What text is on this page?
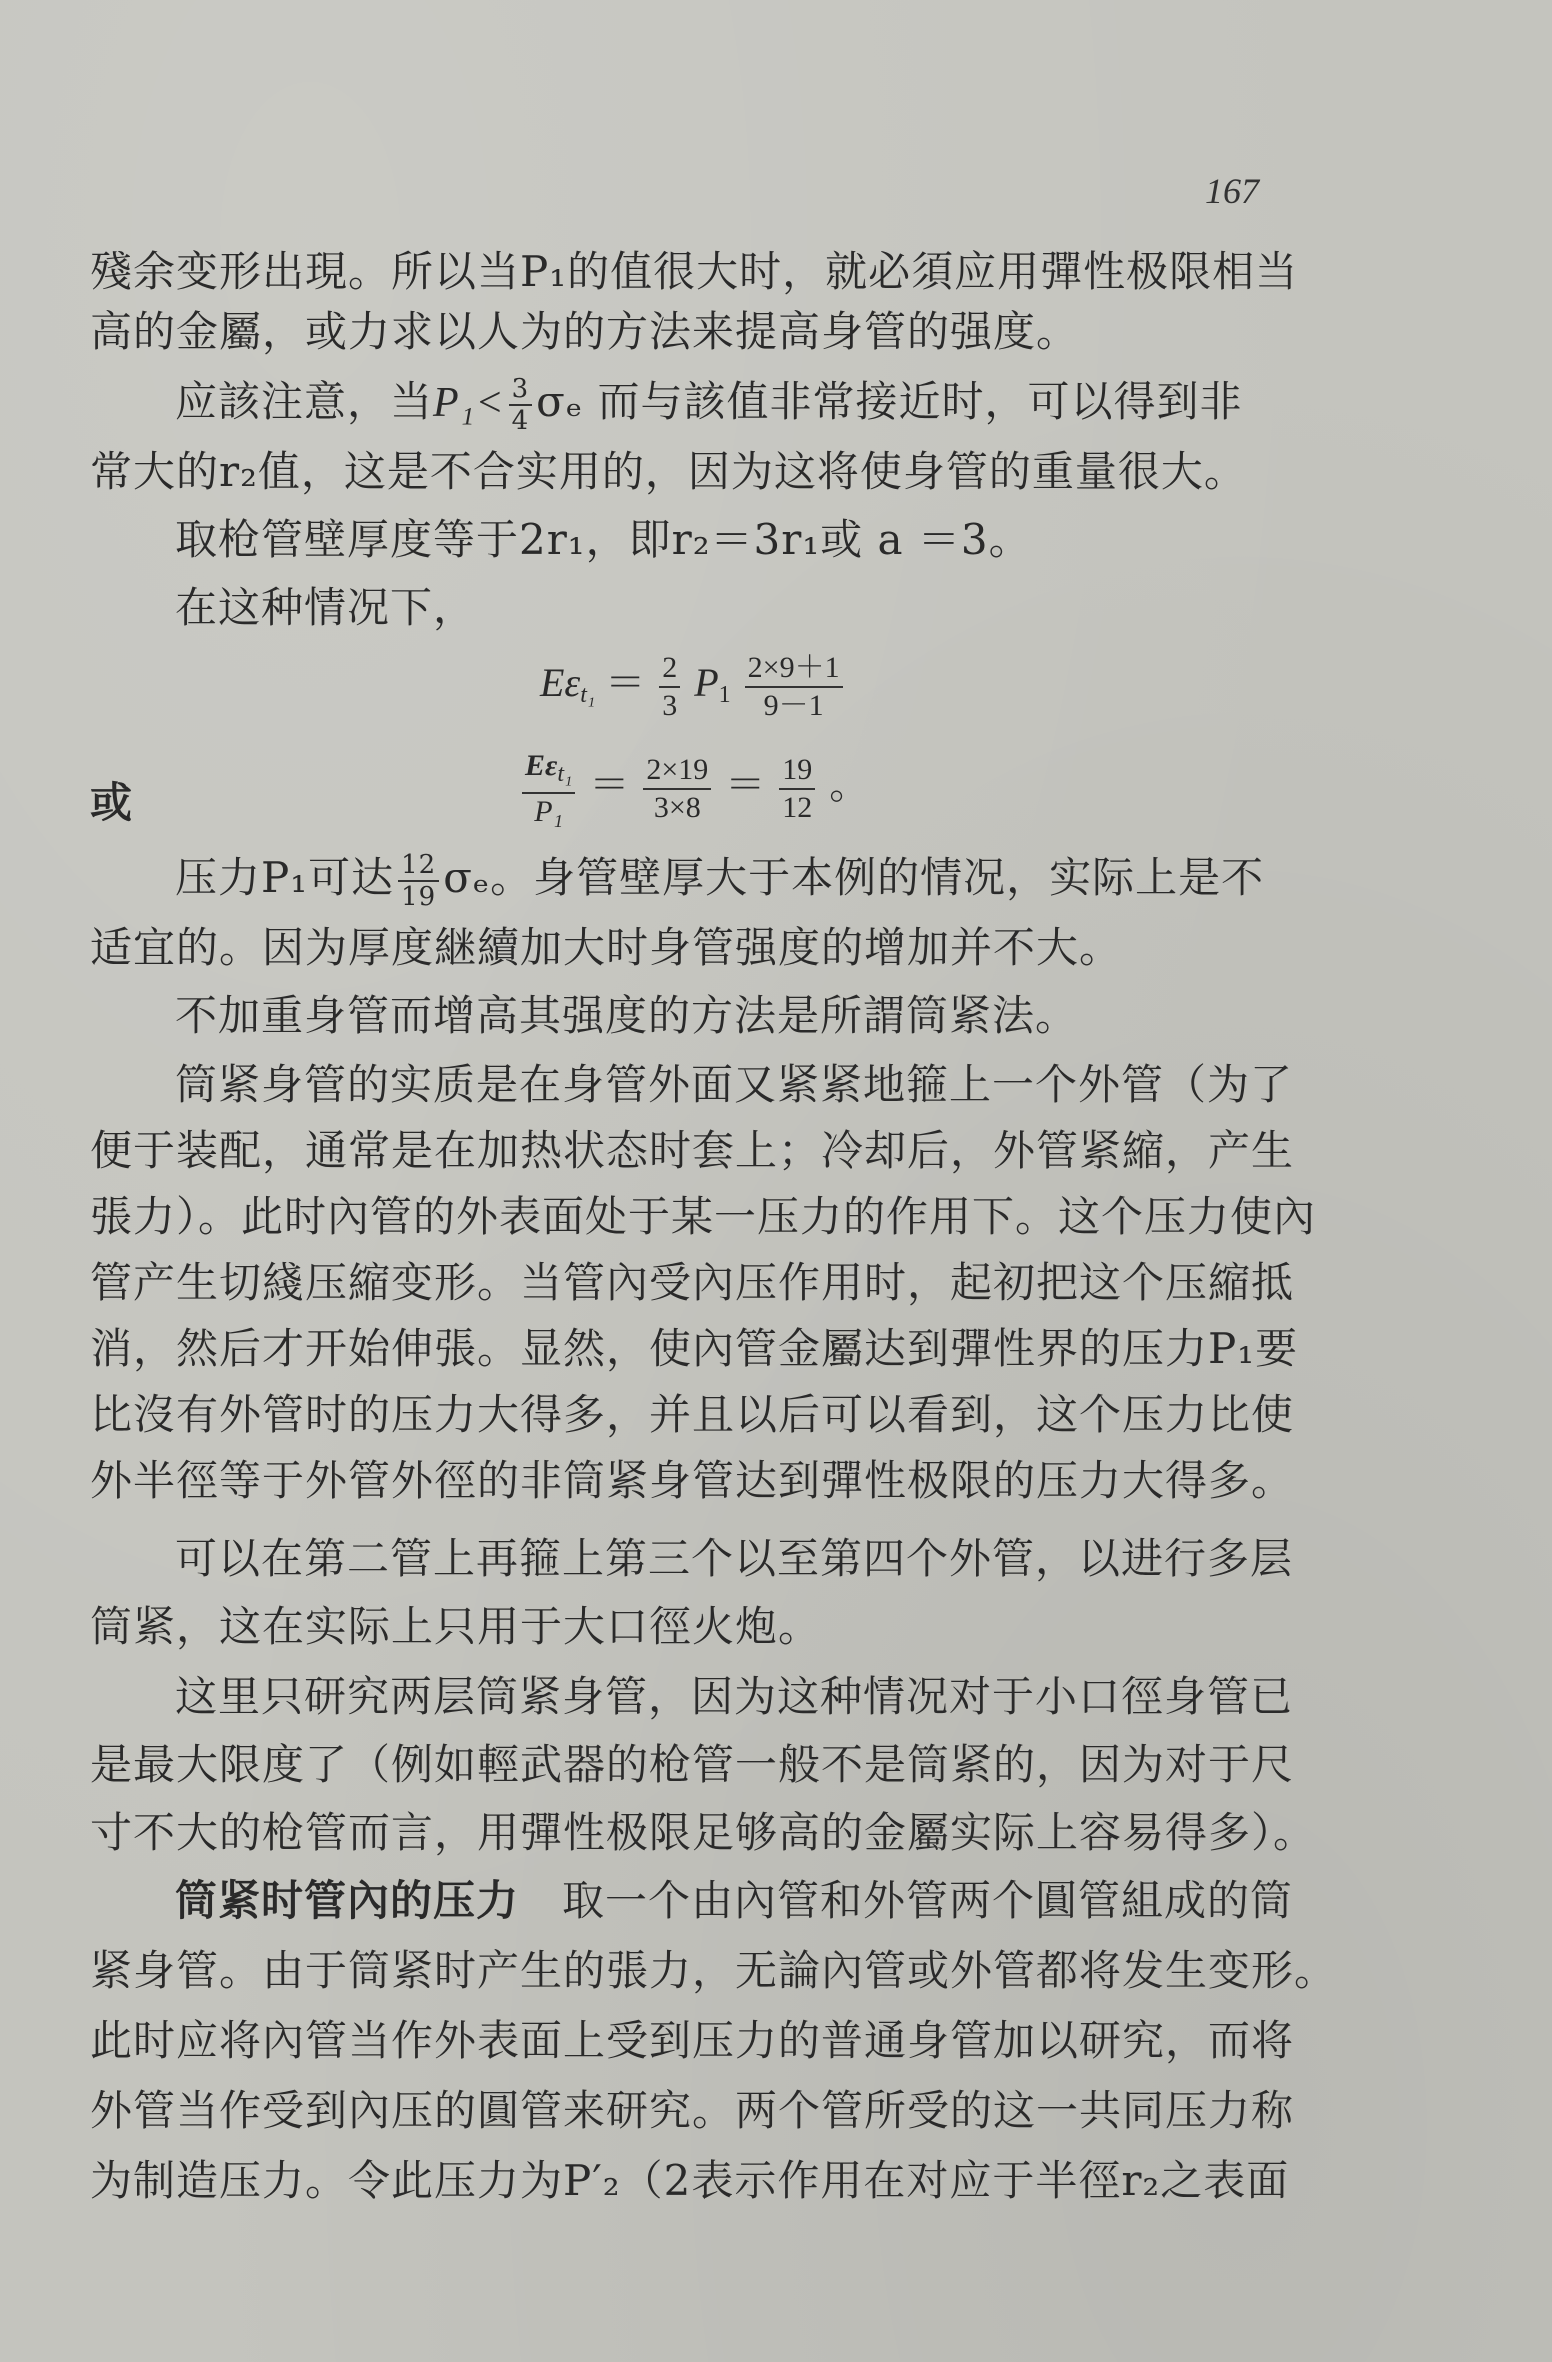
167
殘余变形出現。所以当P₁的值很大时，就必須应用彈性极限相当
高的金屬，或力求以人为的方法来提高身管的强度。
应該注意，当$P_1< \frac{3}{4}$ σₑ 而与該值非常接近时，可以得到非
常大的r₂值，这是不合实用的，因为这将使身管的重量很大。
取枪管壁厚度等于2r₁，即r₂＝3r₁或 a ＝3。
在这种情况下，
$E\varepsilon_{t_1} = \frac{2}{3} P_1 \frac{2\times 9+1}{9-1}$
或	$\frac{E\varepsilon_{t_1}}{\text{P₁}} = \frac{2\times 19}{3\times 8} = \frac{19}{12}$ 。
压力P₁可达 $\frac{12}{19}$ σₑ。身管壁厚大于本例的情况，实际上是不
适宜的。因为厚度継續加大时身管强度的增加并不大。
不加重身管而增高其强度的方法是所謂筒紧法。
筒紧身管的实质是在身管外面又紧紧地箍上一个外管（为了
便于装配，通常是在加热状态时套上；冷却后，外管紧縮，产生
張力）。此时內管的外表面处于某一压力的作用下。这个压力使內
管产生切綫压縮变形。当管內受內压作用时，起初把这个压縮抵
消，然后才开始伸張。显然，使內管金屬达到彈性界的压力P₁要
比沒有外管时的压力大得多，并且以后可以看到，这个压力比使
外半徑等于外管外徑的非筒紧身管达到彈性极限的压力大得多。
可以在第二管上再箍上第三个以至第四个外管，以进行多层
筒紧，这在实际上只用于大口徑火炮。
这里只研究两层筒紧身管，因为这种情况对于小口徑身管已
是最大限度了（例如輕武器的枪管一般不是筒紧的，因为对于尺
寸不大的枪管而言，用彈性极限足够高的金屬实际上容易得多）。
筒紧时管內的压力　取一个由內管和外管两个圓管組成的筒
紧身管。由于筒紧时产生的張力，无論內管或外管都将发生变形。
此时应将內管当作外表面上受到压力的普通身管加以研究，而将
外管当作受到內压的圓管来研究。两个管所受的这一共同压力称
为制造压力。令此压力为P′₂（2表示作用在对应于半徑r₂之表面
